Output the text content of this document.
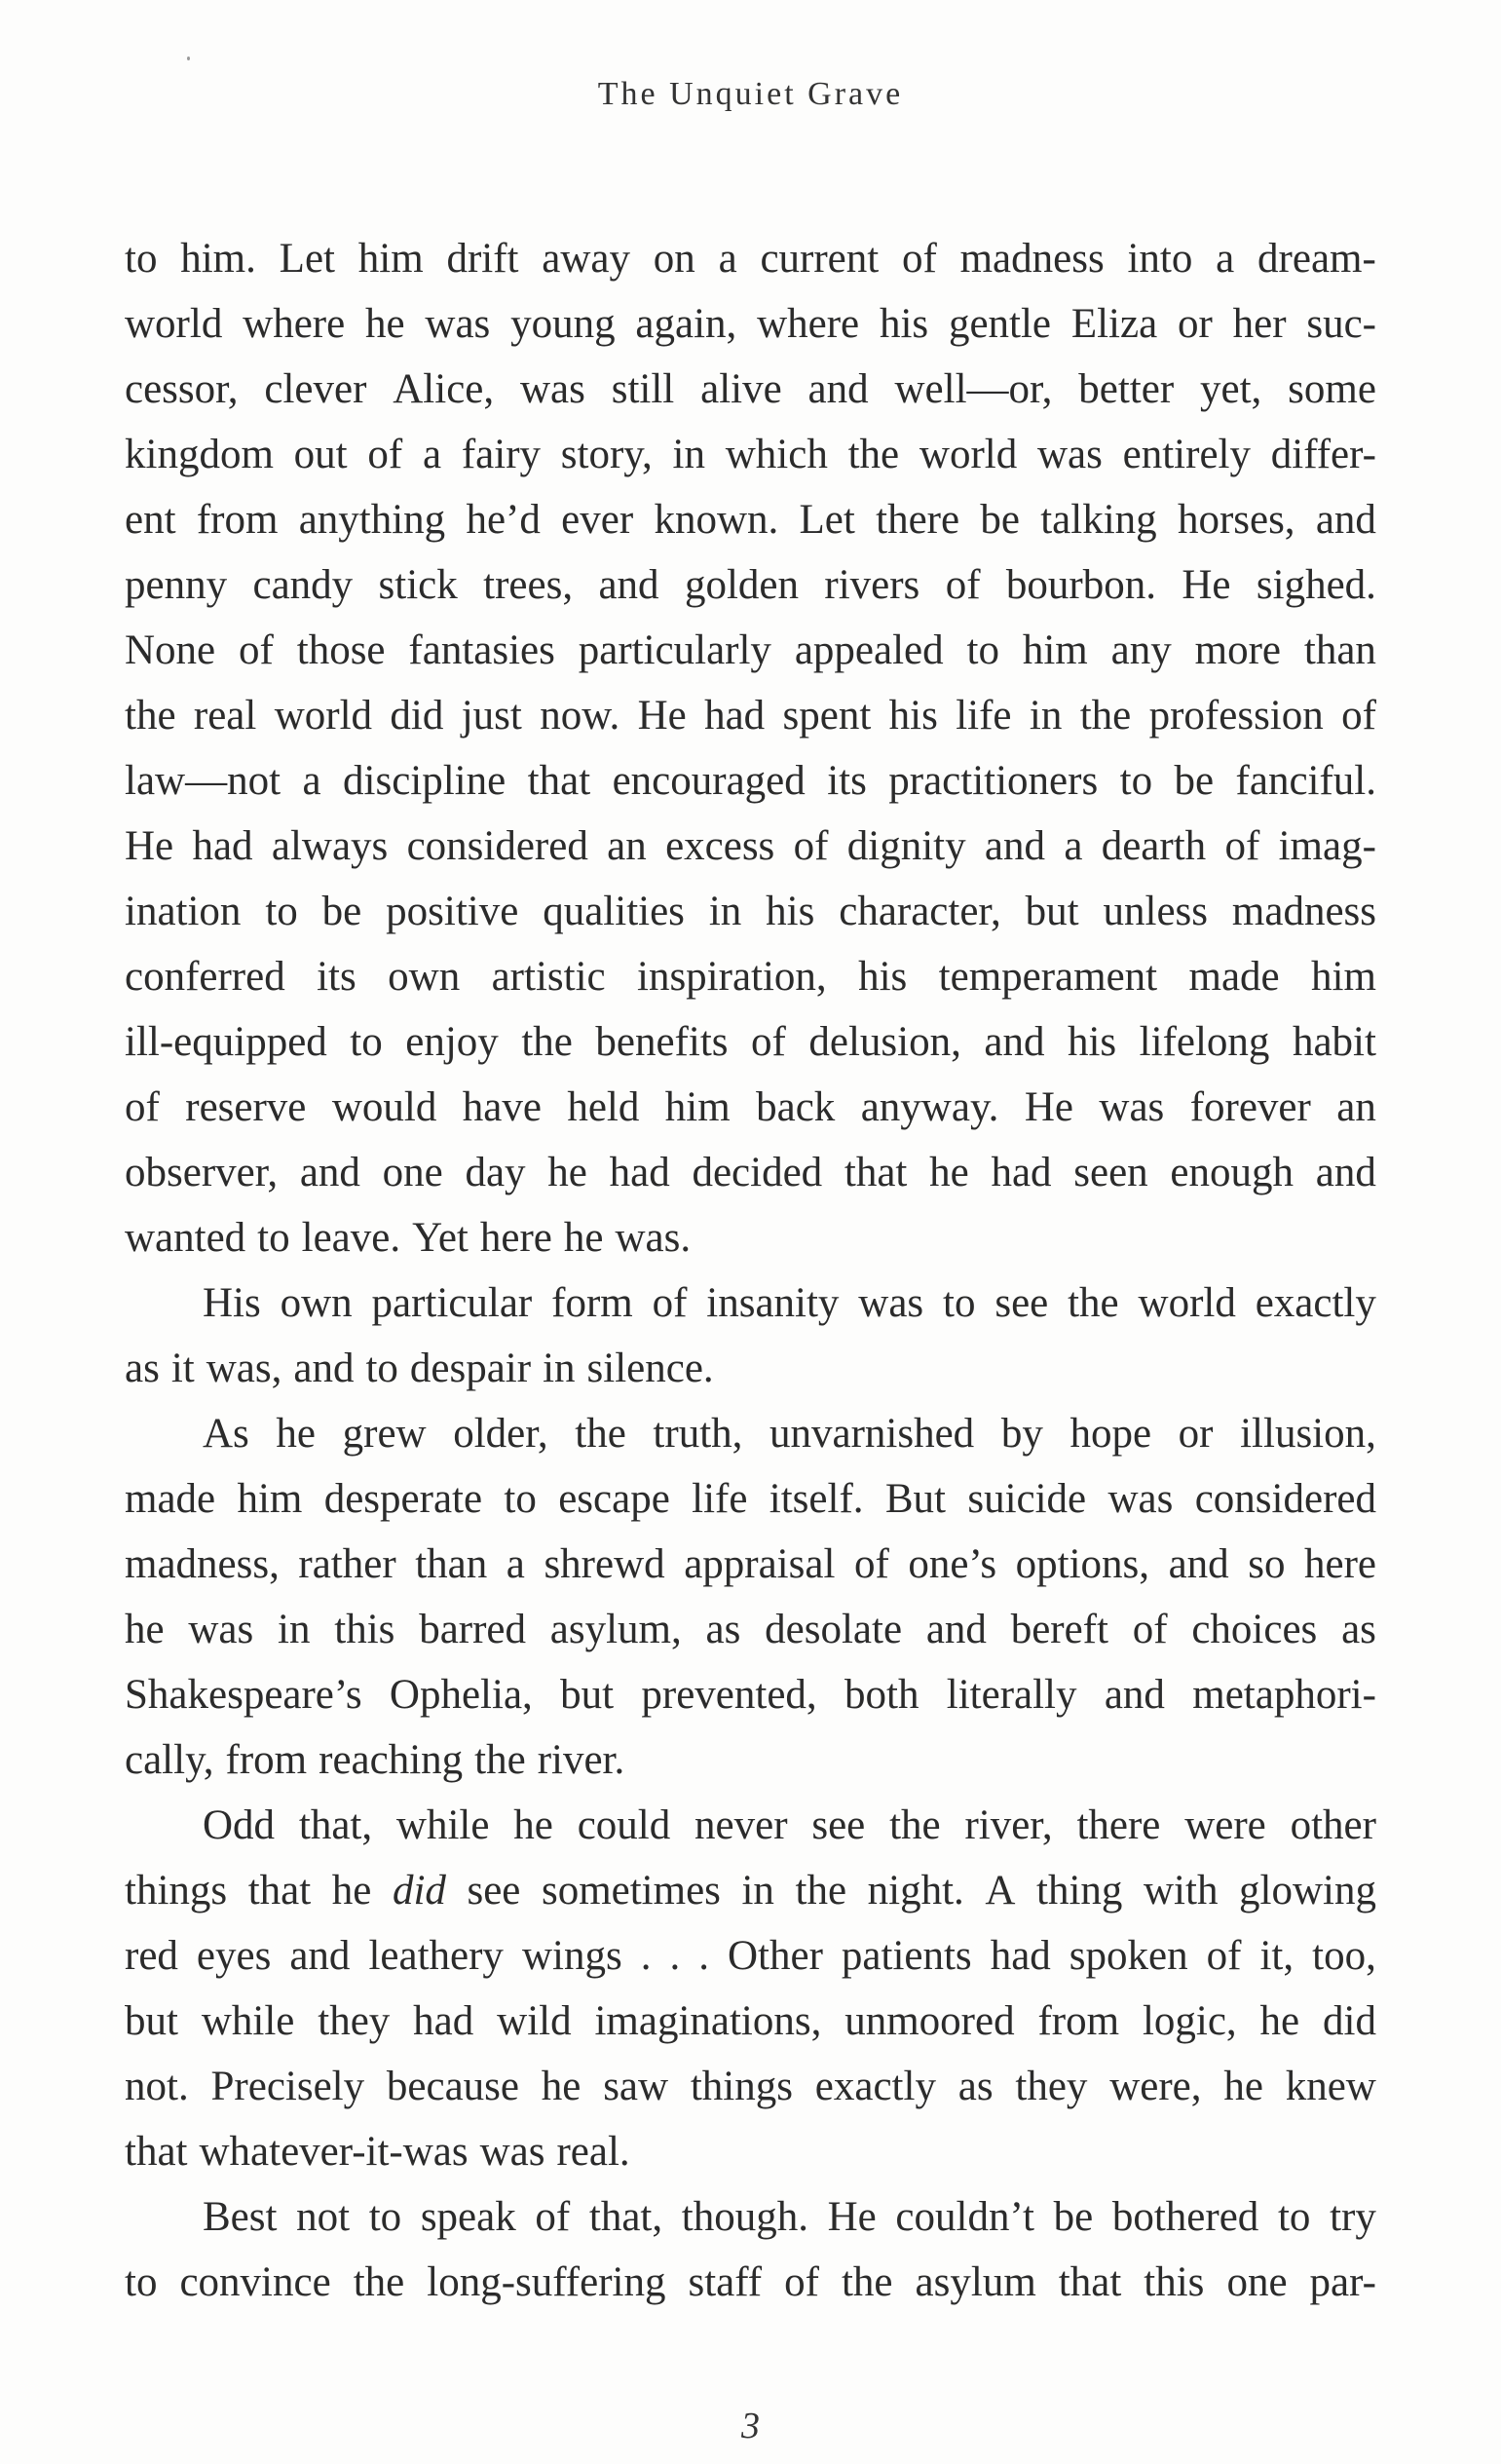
The Unquiet Grave
to him. Let him drift away on a current of madness into a dream-
world where he was young again, where his gentle Eliza or her suc-
cessor, clever Alice, was still alive and well—or, better yet, some
kingdom out of a fairy story, in which the world was entirely differ-
ent from anything he’d ever known. Let there be talking horses, and
penny candy stick trees, and golden rivers of bourbon. He sighed.
None of those fantasies particularly appealed to him any more than
the real world did just now. He had spent his life in the profession of
law—not a discipline that encouraged its practitioners to be fanciful.
He had always considered an excess of dignity and a dearth of imag-
ination to be positive qualities in his character, but unless madness
conferred its own artistic inspiration, his temperament made him
ill-equipped to enjoy the benefits of delusion, and his lifelong habit
of reserve would have held him back anyway. He was forever an
observer, and one day he had decided that he had seen enough and
wanted to leave. Yet here he was.
His own particular form of insanity was to see the world exactly
as it was, and to despair in silence.
As he grew older, the truth, unvarnished by hope or illusion,
made him desperate to escape life itself. But suicide was considered
madness, rather than a shrewd appraisal of one’s options, and so here
he was in this barred asylum, as desolate and bereft of choices as
Shakespeare’s Ophelia, but prevented, both literally and metaphori-
cally, from reaching the river.
Odd that, while he could never see the river, there were other
things that he did see sometimes in the night. A thing with glowing
red eyes and leathery wings . . . Other patients had spoken of it, too,
but while they had wild imaginations, unmoored from logic, he did
not. Precisely because he saw things exactly as they were, he knew
that whatever-it-was was real.
Best not to speak of that, though. He couldn’t be bothered to try
to convince the long-suffering staff of the asylum that this one par-
3
